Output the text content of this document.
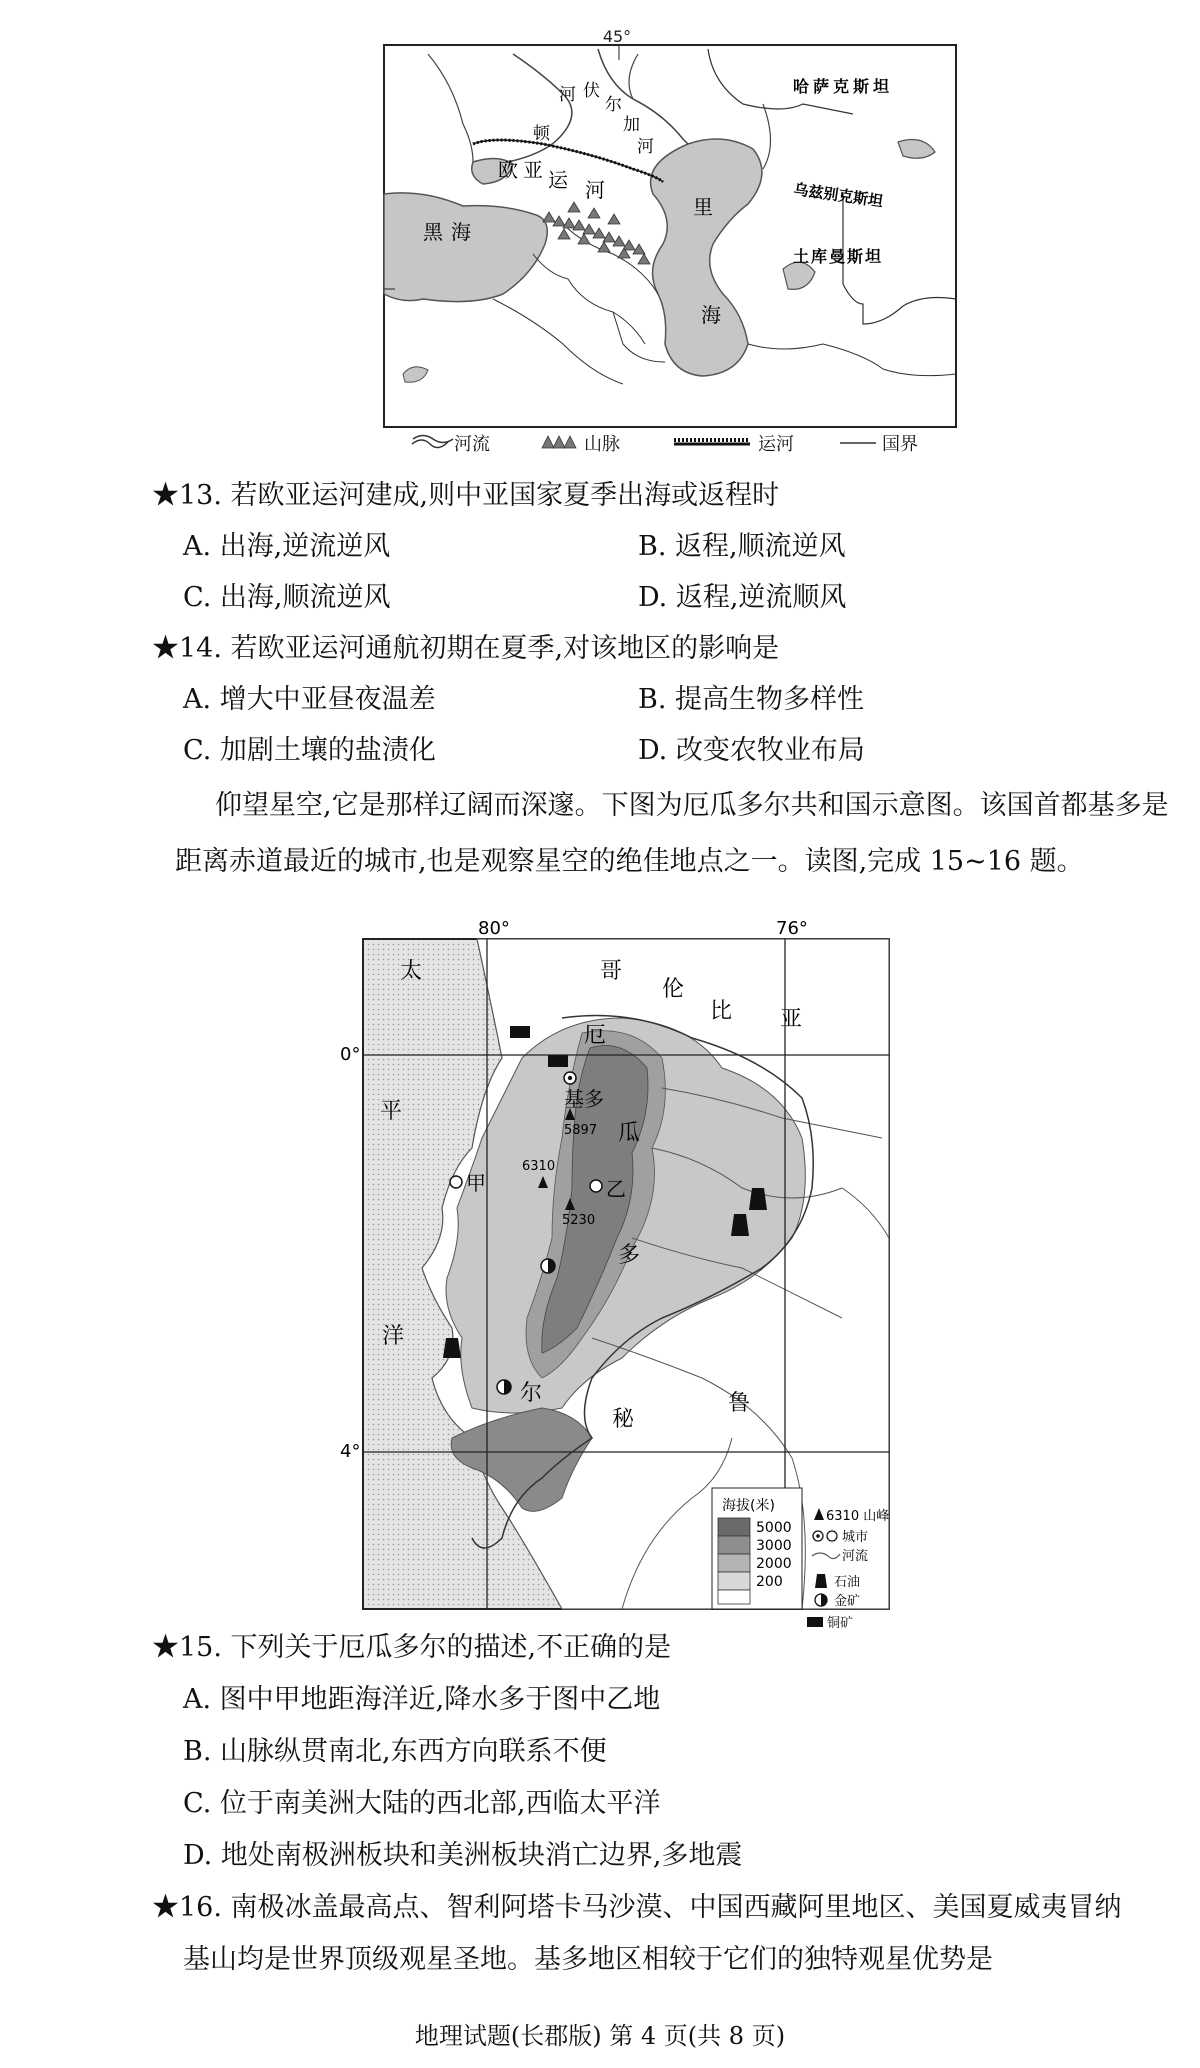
45°
顿
河 伏
尔
加
河
哈萨克斯坦
乌兹别克斯坦
土库曼斯坦
欧 亚 运 河
黑 海
里
海
河流	山脉	运河	国界
★13. 若欧亚运河建成,则中亚国家夏季出海或返程时
A. 出海,逆流逆风	B. 返程,顺流逆风
C. 出海,顺流逆风	D. 返程,逆流顺风
★14. 若欧亚运河通航初期在夏季,对该地区的影响是
A. 增大中亚昼夜温差	B. 提高生物多样性
C. 加剧土壤的盐渍化	D. 改变农牧业布局
仰望星空,它是那样辽阔而深邃。下图为厄瓜多尔共和国示意图。该国首都基多是距离赤道最近的城市,也是观察星空的绝佳地点之一。读图,完成 15~16 题。
80°	76°
0°
4°
哥
伦
比 亚
太
平
洋
厄
瓜
多
尔
秘
鲁
基多
甲	乙
5897
6310
5230
海拔(米)
5000
3000
2000
200
6310 山峰
城市
河流
石油
金矿
铜矿
★15. 下列关于厄瓜多尔的描述,不正确的是
A. 图中甲地距海洋近,降水多于图中乙地
B. 山脉纵贯南北,东西方向联系不便
C. 位于南美洲大陆的西北部,西临太平洋
D. 地处南极洲板块和美洲板块消亡边界,多地震
★16. 南极冰盖最高点、智利阿塔卡马沙漠、中国西藏阿里地区、美国夏威夷冒纳
基山均是世界顶级观星圣地。基多地区相较于它们的独特观星优势是
地理试题(长郡版) 第 4 页(共 8 页)
